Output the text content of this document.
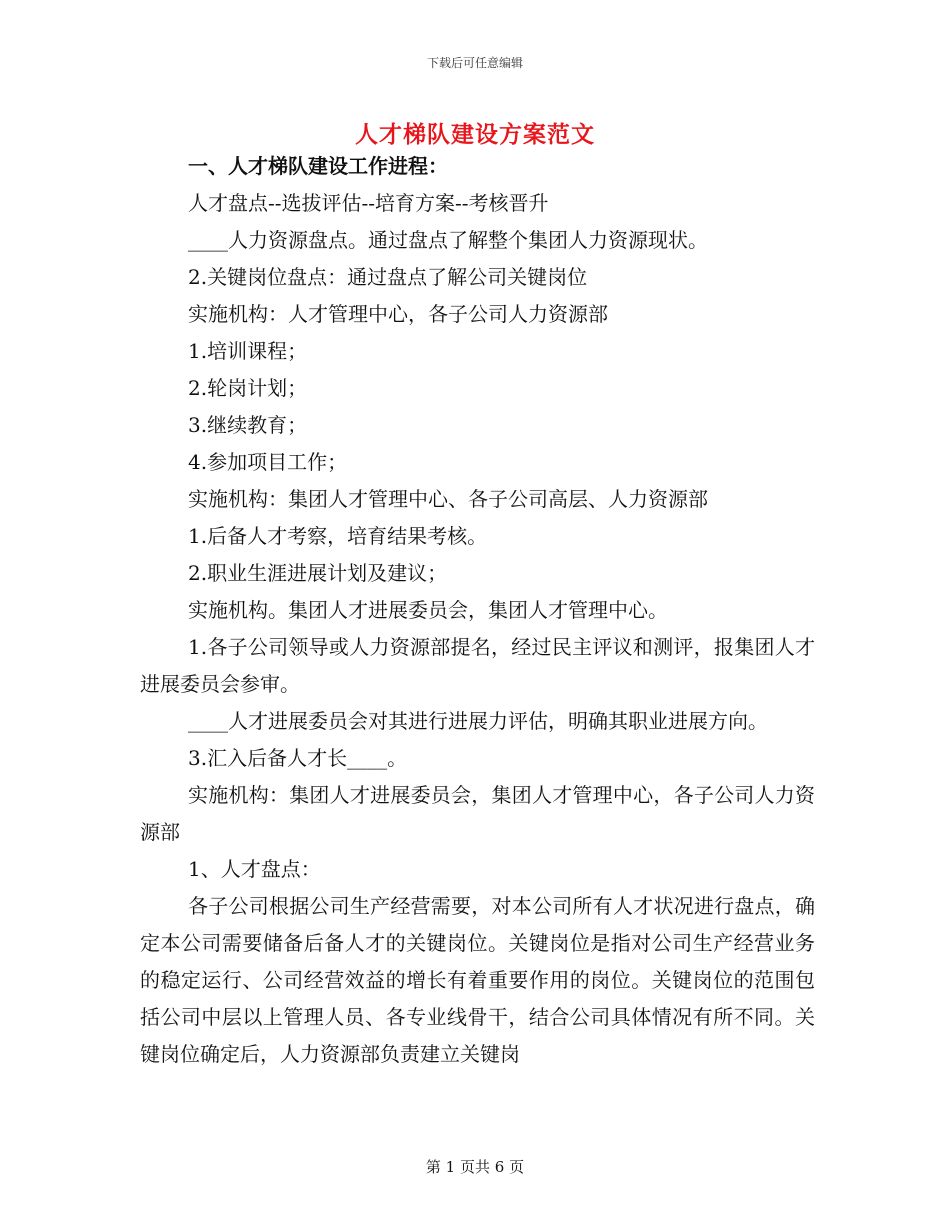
下载后可任意编辑
人才梯队建设方案范文

一、人才梯队建设工作进程：

人才盘点--选拔评估--培育方案--考核晋升

____人力资源盘点。通过盘点了解整个集团人力资源现状。

2.关键岗位盘点：通过盘点了解公司关键岗位

实施机构：人才管理中心，各子公司人力资源部

1.培训课程；

2.轮岗计划；

3.继续教育；

4.参加项目工作；

实施机构：集团人才管理中心、各子公司高层、人力资源部

1.后备人才考察，培育结果考核。

2.职业生涯进展计划及建议；

实施机构。集团人才进展委员会，集团人才管理中心。

1.各子公司领导或人力资源部提名，经过民主评议和测评，报集团人才进展委员会参审。

____人才进展委员会对其进行进展力评估，明确其职业进展方向。

3.汇入后备人才长____。

实施机构：集团人才进展委员会，集团人才管理中心，各子公司人力资源部

1、人才盘点：

各子公司根据公司生产经营需要，对本公司所有人才状况进行盘点，确定本公司需要储备后备人才的关键岗位。关键岗位是指对公司生产经营业务的稳定运行、公司经营效益的增长有着重要作用的岗位。关键岗位的范围包括公司中层以上管理人员、各专业线骨干，结合公司具体情况有所不同。关键岗位确定后，人力资源部负责建立关键岗

第 1 页共 6 页
